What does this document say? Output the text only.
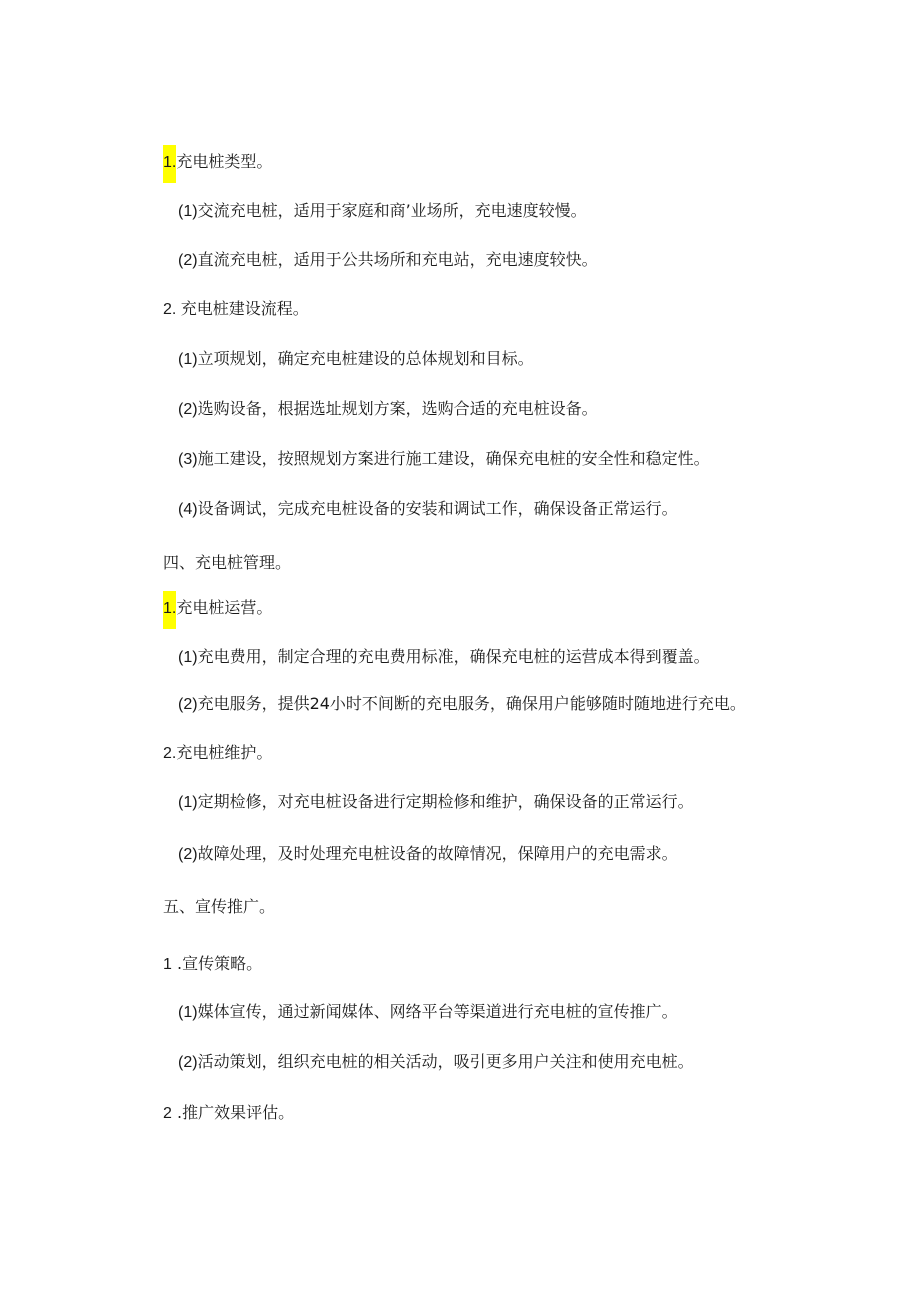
1.充电桩类型。
(1)交流充电桩，适用于家庭和商’业场所，充电速度较慢。
(2)直流充电桩，适用于公共场所和充电站，充电速度较快。
2. 充电桩建设流程。
(1)立项规划，确定充电桩建设的总体规划和目标。
(2)选购设备，根据选址规划方案，选购合适的充电桩设备。
(3)施工建设，按照规划方案进行施工建设，确保充电桩的安全性和稳定性。
(4)设备调试，完成充电桩设备的安装和调试工作，确保设备正常运行。
四、充电桩管理。
1.充电桩运营。
(1)充电费用，制定合理的充电费用标准，确保充电桩的运营成本得到覆盖。
(2)充电服务，提供24小时不间断的充电服务，确保用户能够随时随地进行充电。
2.充电桩维护。
(1)定期检修，对充电桩设备进行定期检修和维护，确保设备的正常运行。
(2)故障处理，及时处理充电桩设备的故障情况，保障用户的充电需求。
五、宣传推广。
1 .宣传策略。
(1)媒体宣传，通过新闻媒体、网络平台等渠道进行充电桩的宣传推广。
(2)活动策划，组织充电桩的相关活动，吸引更多用户关注和使用充电桩。
2 .推广效果评估。
